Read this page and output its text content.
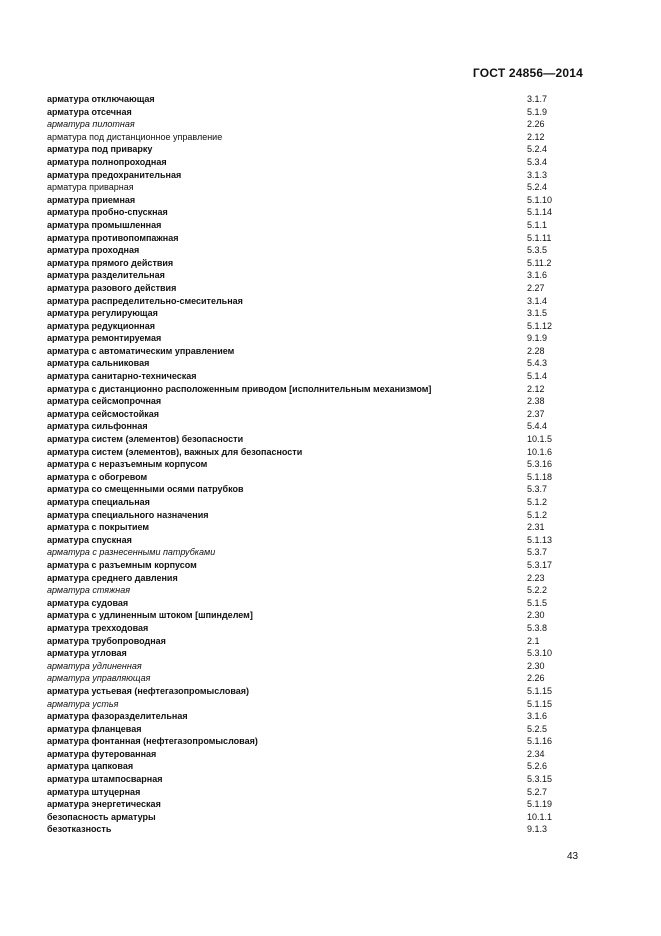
ГОСТ 24856—2014
арматура отключающая	3.1.7
арматура отсечная	5.1.9
арматура пилотная	2.26
арматура под дистанционное управление	2.12
арматура под приварку	5.2.4
арматура полнопроходная	5.3.4
арматура предохранительная	3.1.3
арматура приварная	5.2.4
арматура приемная	5.1.10
арматура пробно-спускная	5.1.14
арматура промышленная	5.1.1
арматура противопомпажная	5.1.11
арматура проходная	5.3.5
арматура прямого действия	5.11.2
арматура разделительная	3.1.6
арматура разового действия	2.27
арматура распределительно-смесительная	3.1.4
арматура регулирующая	3.1.5
арматура редукционная	5.1.12
арматура ремонтируемая	9.1.9
арматура с автоматическим управлением	2.28
арматура сальниковая	5.4.3
арматура санитарно-техническая	5.1.4
арматура с дистанционно расположенным приводом [исполнительным механизмом]	2.12
арматура сейсмопрочная	2.38
арматура сейсмостойкая	2.37
арматура сильфонная	5.4.4
арматура систем (элементов) безопасности	10.1.5
арматура систем (элементов), важных для безопасности	10.1.6
арматура с неразъемным корпусом	5.3.16
арматура с обогревом	5.1.18
арматура со смещенными осями патрубков	5.3.7
арматура специальная	5.1.2
арматура специального назначения	5.1.2
арматура с покрытием	2.31
арматура спускная	5.1.13
арматура с разнесенными патрубками	5.3.7
арматура с разъемным корпусом	5.3.17
арматура среднего давления	2.23
арматура стяжная	5.2.2
арматура судовая	5.1.5
арматура с удлиненным штоком [шпинделем]	2.30
арматура трехходовая	5.3.8
арматура трубопроводная	2.1
арматура угловая	5.3.10
арматура удлиненная	2.30
арматура управляющая	2.26
арматура устьевая (нефтегазопромысловая)	5.1.15
арматура устья	5.1.15
арматура фазоразделительная	3.1.6
арматура фланцевая	5.2.5
арматура фонтанная (нефтегазопромысловая)	5.1.16
арматура футерованная	2.34
арматура цапковая	5.2.6
арматура штампосварная	5.3.15
арматура штуцерная	5.2.7
арматура энергетическая	5.1.19
безопасность арматуры	10.1.1
безотказность	9.1.3
43
